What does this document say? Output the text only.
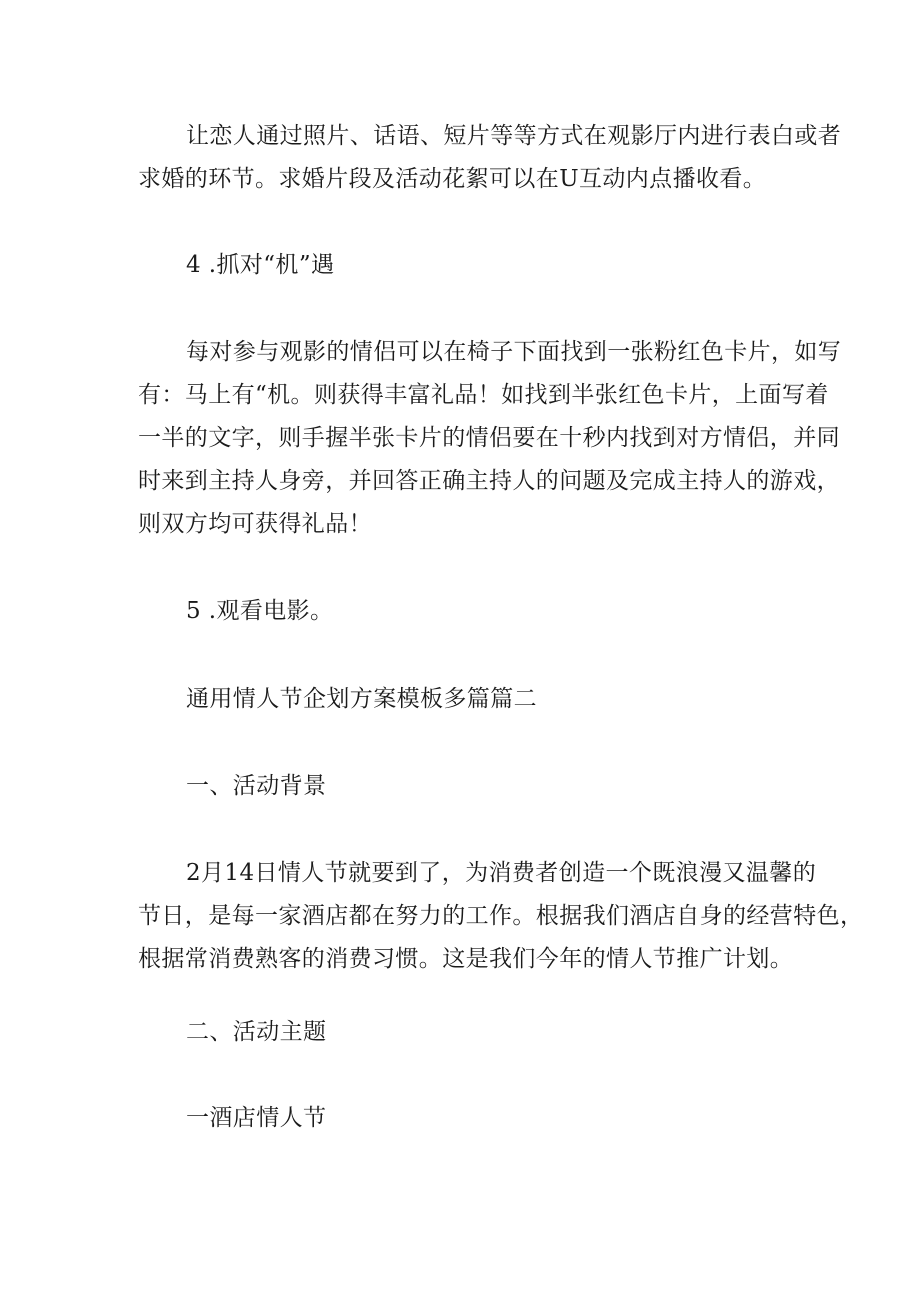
让恋人通过照片、话语、短片等等方式在观影厅内进行表白或者
求婚的环节。求婚片段及活动花絮可以在U互动内点播收看。

4 .抓对“机”遇

每对参与观影的情侣可以在椅子下面找到一张粉红色卡片，如写
有：马上有“机。则获得丰富礼品！如找到半张红色卡片，上面写着
一半的文字，则手握半张卡片的情侣要在十秒内找到对方情侣，并同
时来到主持人身旁，并回答正确主持人的问题及完成主持人的游戏，
则双方均可获得礼品！

5 .观看电影。

通用情人节企划方案模板多篇篇二

一、活动背景

2月14日情人节就要到了，为消费者创造一个既浪漫又温馨的
节日，是每一家酒店都在努力的工作。根据我们酒店自身的经营特色，
根据常消费熟客的消费习惯。这是我们今年的情人节推广计划。

二、活动主题

一酒店情人节
